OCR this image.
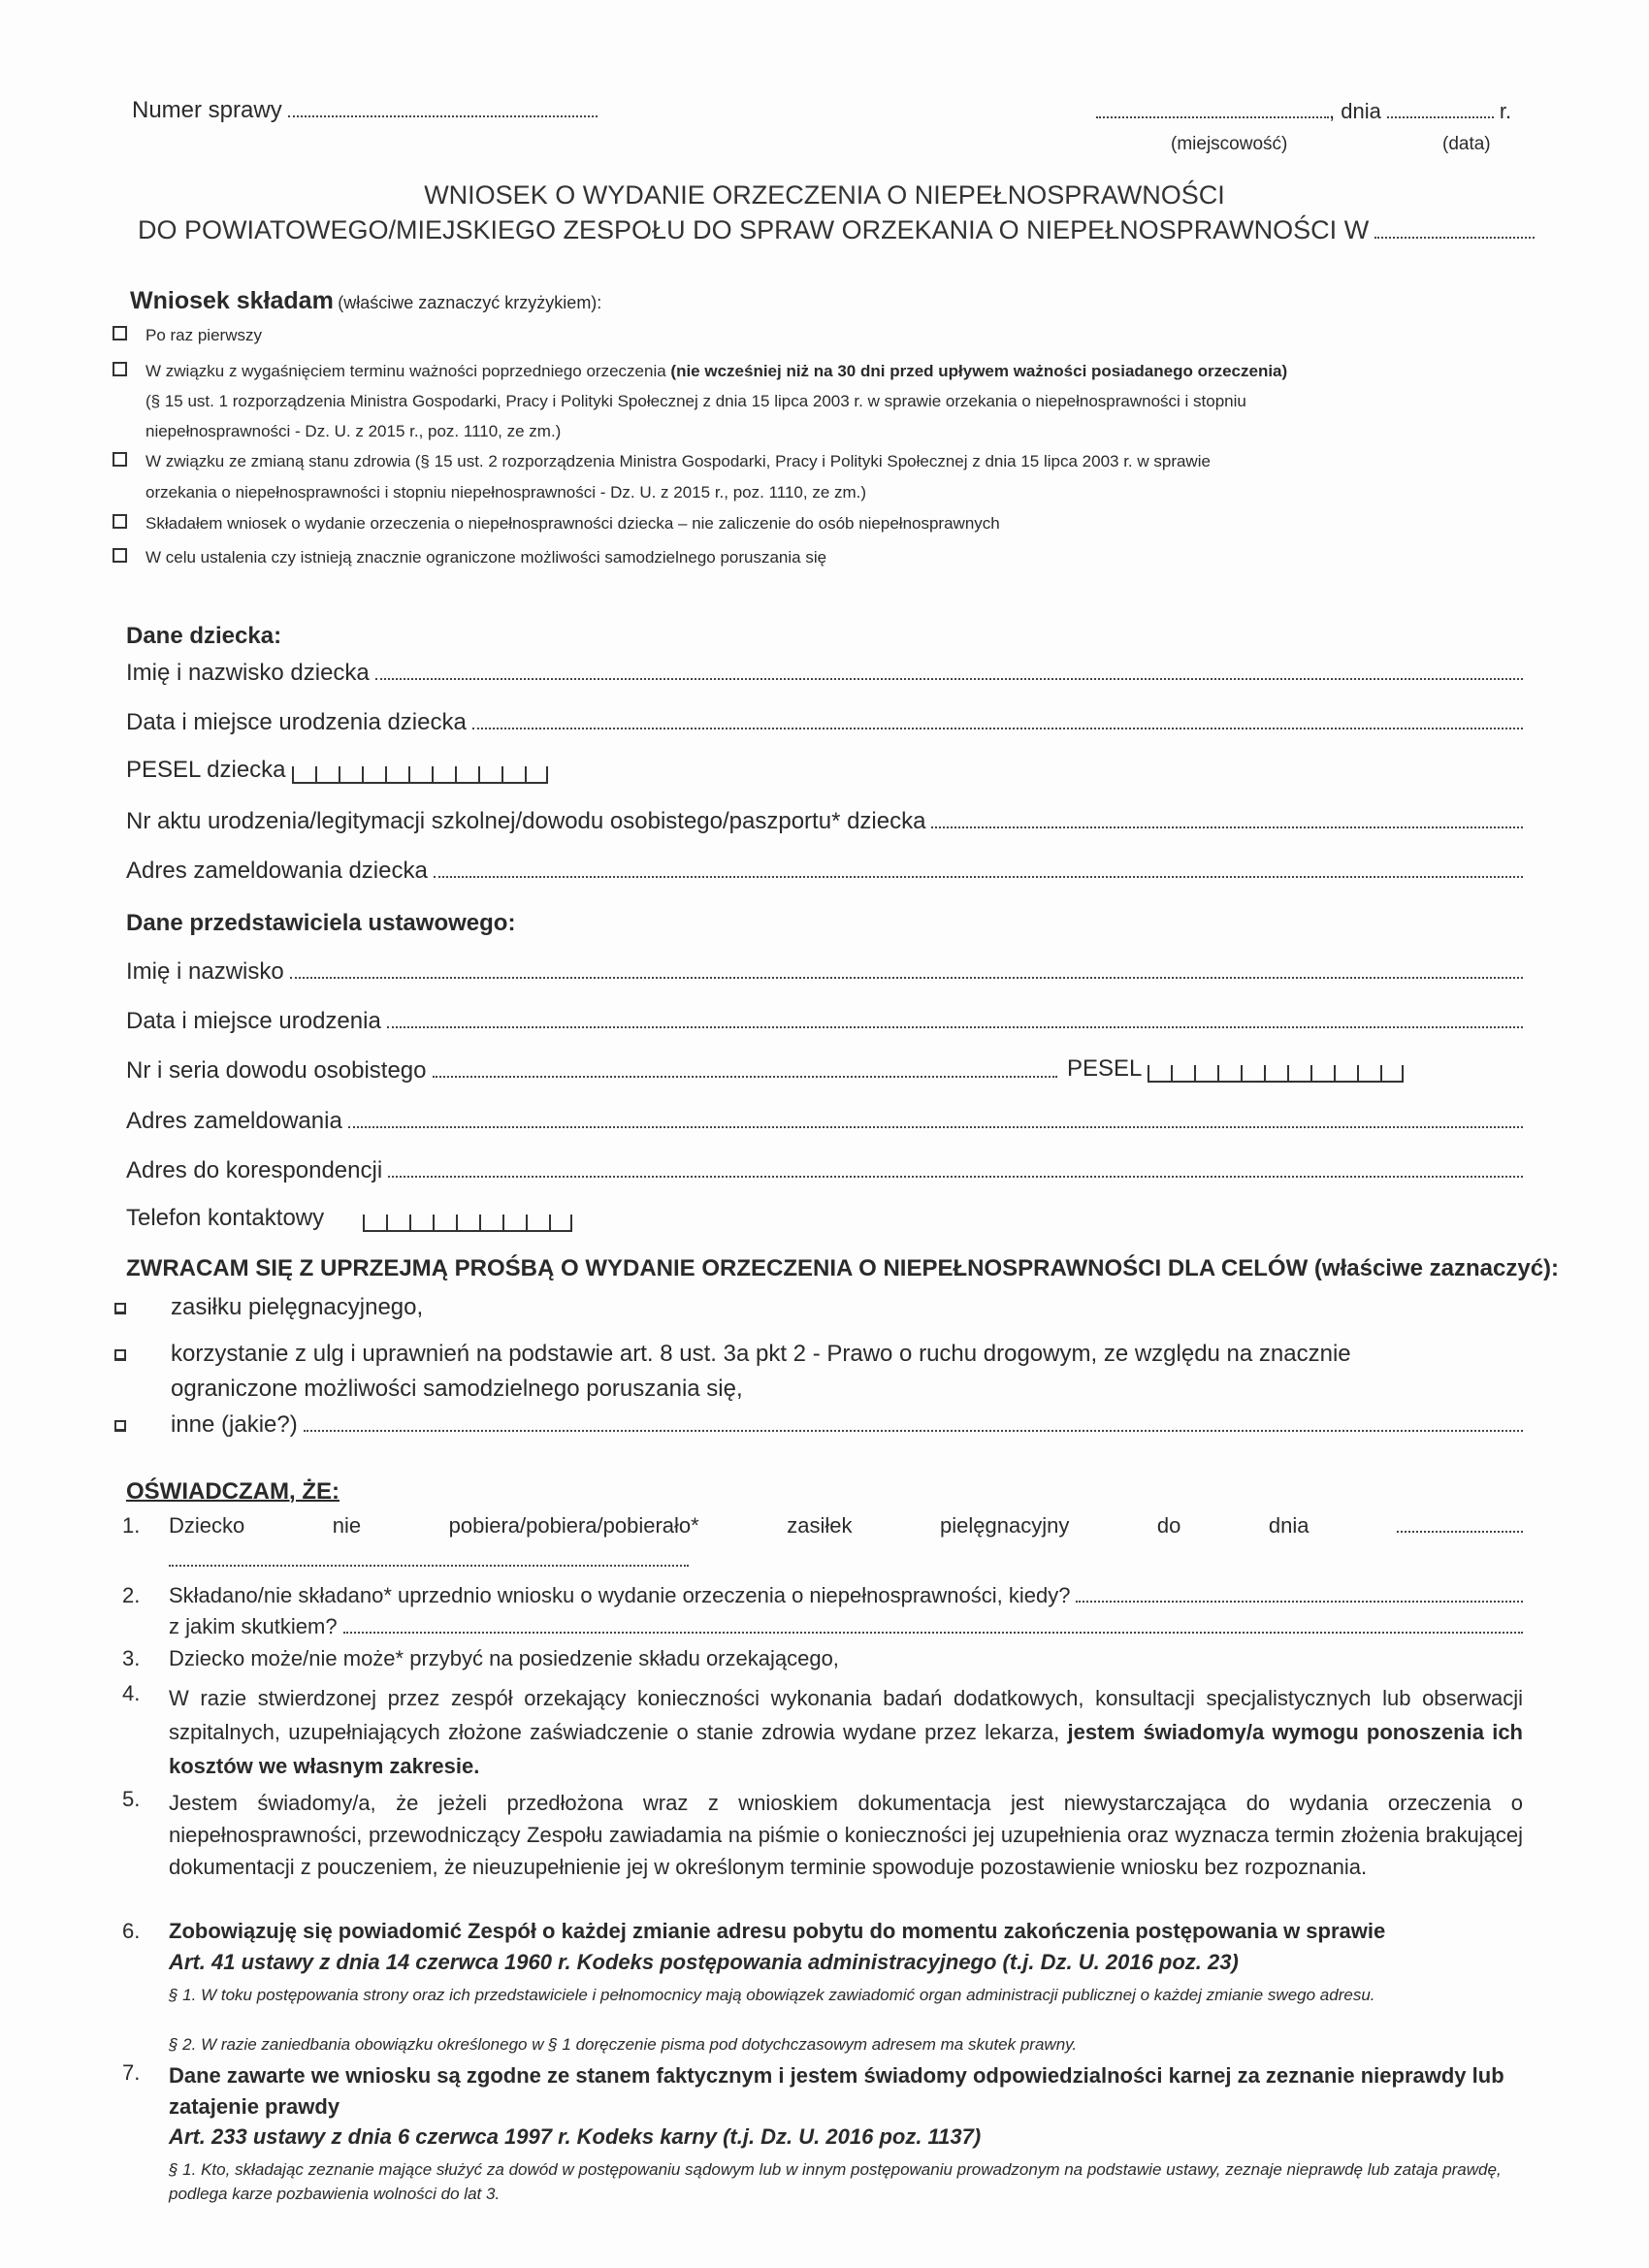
Numer sprawy	, dnia	r.
(miejscowość)	(data)
WNIOSEK O WYDANIE ORZECZENIA O NIEPEŁNOSPRAWNOŚCI
DO POWIATOWEGO/MIEJSKIEGO ZESPOŁU DO SPRAW ORZEKANIA O NIEPEŁNOSPRAWNOŚCI W
Wniosek składam (właściwe zaznaczyć krzyżykiem):
Po raz pierwszy
W związku z wygaśnięciem terminu ważności poprzedniego orzeczenia (nie wcześniej niż na 30 dni przed upływem ważności posiadanego orzeczenia)
(§ 15 ust. 1 rozporządzenia Ministra Gospodarki, Pracy i Polityki Społecznej z dnia 15 lipca 2003 r. w sprawie orzekania o niepełnosprawności i stopniu
niepełnosprawności - Dz. U. z 2015 r., poz. 1110, ze zm.)
W związku ze zmianą stanu zdrowia (§ 15 ust. 2 rozporządzenia Ministra Gospodarki, Pracy i Polityki Społecznej z dnia 15 lipca 2003 r. w sprawie
orzekania o niepełnosprawności i stopniu niepełnosprawności - Dz. U. z 2015 r., poz. 1110, ze zm.)
Składałem wniosek o wydanie orzeczenia o niepełnosprawności dziecka – nie zaliczenie do osób niepełnosprawnych
W celu ustalenia czy istnieją znacznie ograniczone możliwości samodzielnego poruszania się
Dane dziecka:
Imię i nazwisko dziecka
Data i miejsce urodzenia dziecka
PESEL dziecka
Nr aktu urodzenia/legitymacji szkolnej/dowodu osobistego/paszportu* dziecka
Adres zameldowania dziecka
Dane przedstawiciela ustawowego:
Imię i nazwisko
Data i miejsce urodzenia
Nr i seria dowodu osobistego	PESEL
Adres zameldowania
Adres do korespondencji
Telefon kontaktowy
ZWRACAM SIĘ Z UPRZEJMĄ PROŚBĄ O WYDANIE ORZECZENIA O NIEPEŁNOSPRAWNOŚCI DLA CELÓW (właściwe zaznaczyć):
zasiłku pielęgnacyjnego,
korzystanie z ulg i uprawnień na podstawie art. 8 ust. 3a pkt 2 - Prawo o ruchu drogowym, ze względu na znacznie
ograniczone możliwości samodzielnego poruszania się,
inne (jakie?)
OŚWIADCZAM, ŻE:
1. Dziecko	nie	pobiera/pobiera/pobierało*	zasiłek	pielęgnacyjny	do	dnia
2. Składano/nie składano* uprzednio wniosku o wydanie orzeczenia o niepełnosprawności, kiedy?
z jakim skutkiem?
3. Dziecko może/nie może* przybyć na posiedzenie składu orzekającego,
4. W razie stwierdzonej przez zespół orzekający konieczności wykonania badań dodatkowych, konsultacji specjalistycznych lub obserwacji szpitalnych, uzupełniających złożone zaświadczenie o stanie zdrowia wydane przez lekarza, jestem świadomy/a wymogu ponoszenia ich kosztów we własnym zakresie.
5. Jestem świadomy/a, że jeżeli przedłożona wraz z wnioskiem dokumentacja jest niewystarczająca do wydania orzeczenia o niepełnosprawności, przewodniczący Zespołu zawiadamia na piśmie o konieczności jej uzupełnienia oraz wyznacza termin złożenia brakującej dokumentacji z pouczeniem, że nieuzupełnienie jej w określonym terminie spowoduje pozostawienie wniosku bez rozpoznania.
6. Zobowiązuję się powiadomić Zespół o każdej zmianie adresu pobytu do momentu zakończenia postępowania w sprawie
Art. 41 ustawy z dnia 14 czerwca 1960 r. Kodeks postępowania administracyjnego (t.j. Dz. U. 2016 poz. 23)
§ 1. W toku postępowania strony oraz ich przedstawiciele i pełnomocnicy mają obowiązek zawiadomić organ administracji publicznej o każdej zmianie swego adresu.
§ 2. W razie zaniedbania obowiązku określonego w § 1 doręczenie pisma pod dotychczasowym adresem ma skutek prawny.
7. Dane zawarte we wniosku są zgodne ze stanem faktycznym i jestem świadomy odpowiedzialności karnej za zeznanie nieprawdy lub zatajenie prawdy
Art. 233 ustawy z dnia 6 czerwca 1997 r. Kodeks karny (t.j. Dz. U. 2016 poz. 1137)
§ 1. Kto, składając zeznanie mające służyć za dowód w postępowaniu sądowym lub w innym postępowaniu prowadzonym na podstawie ustawy, zeznaje nieprawdę lub zataja prawdę, podlega karze pozbawienia wolności do lat 3.
